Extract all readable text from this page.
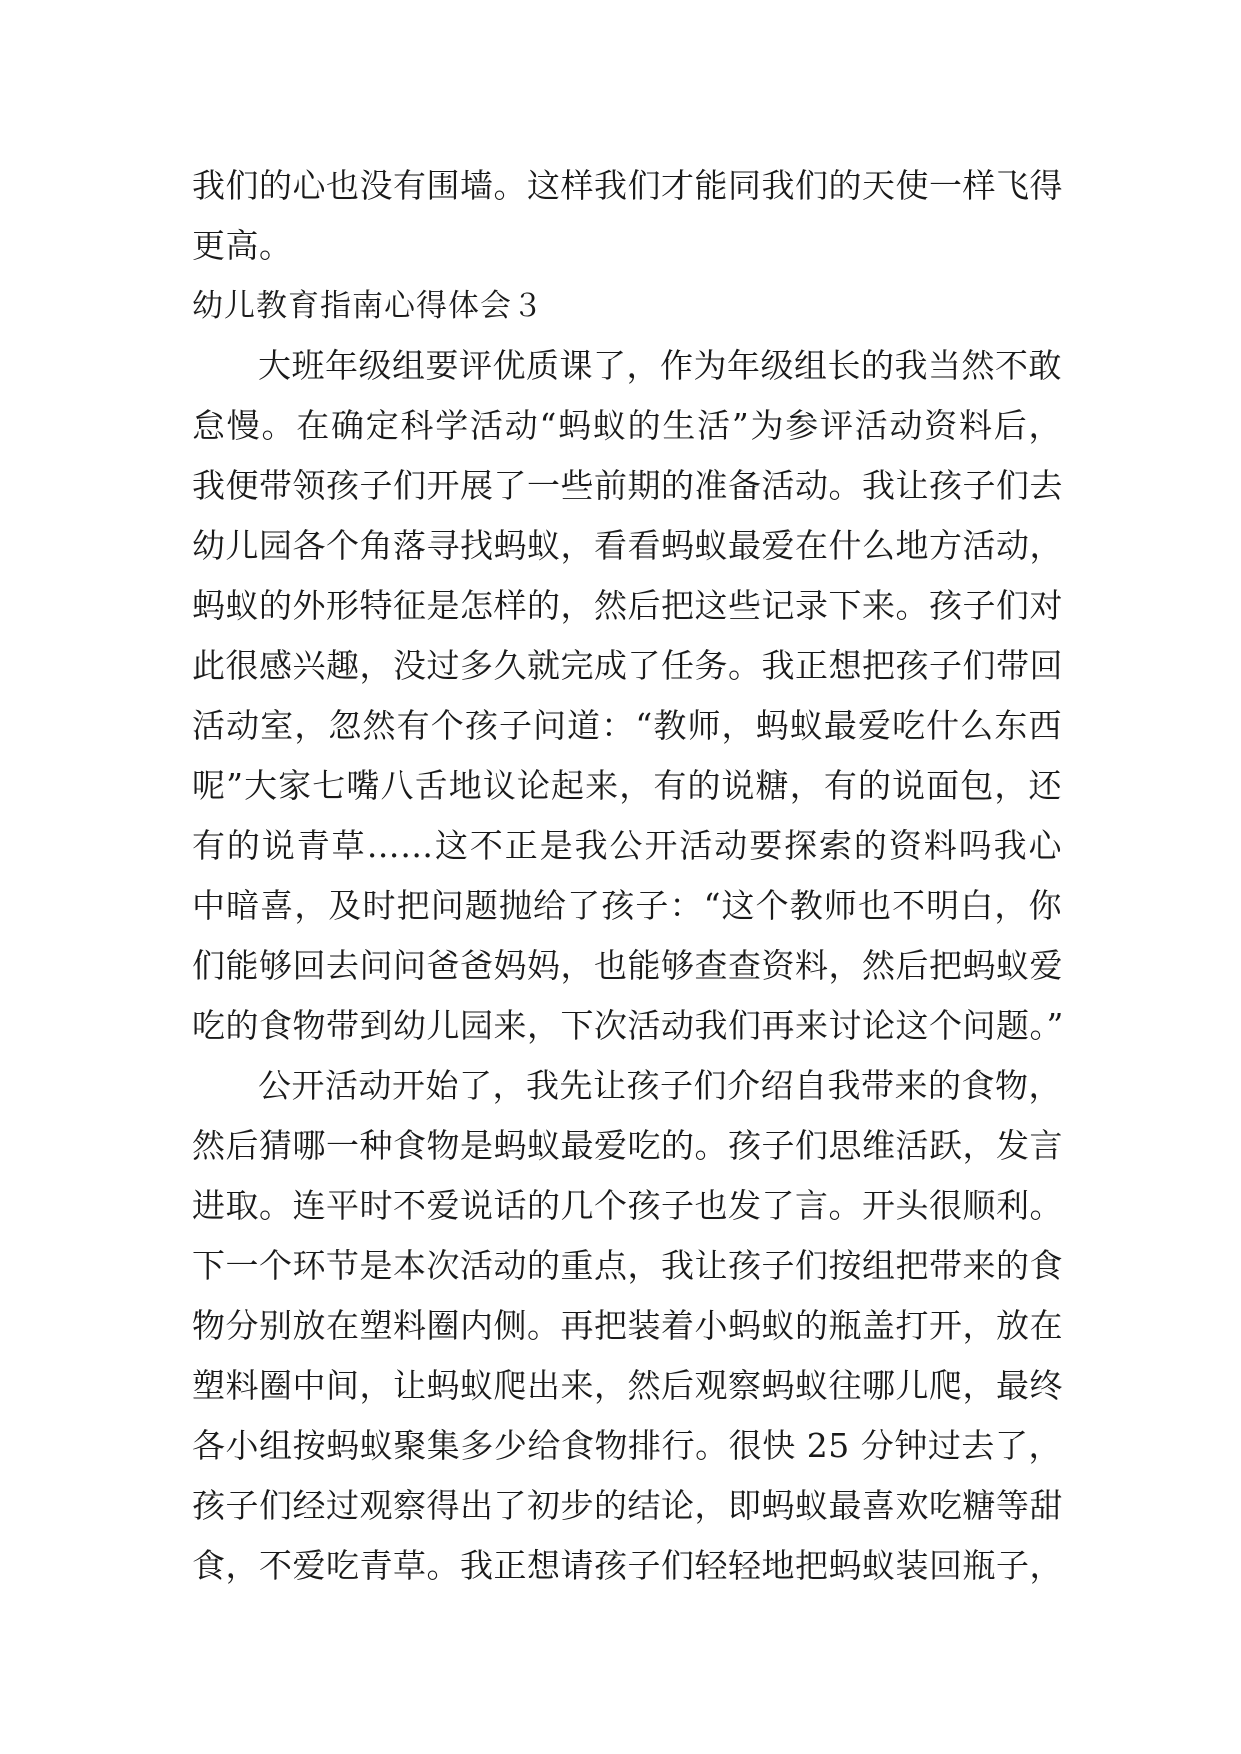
我们的心也没有围墙。这样我们才能同我们的天使一样飞得
更高。
幼儿教育指南心得体会３
大班年级组要评优质课了，作为年级组长的我当然不敢
怠慢。在确定科学活动“蚂蚁的生活”为参评活动资料后，
我便带领孩子们开展了一些前期的准备活动。我让孩子们去
幼儿园各个角落寻找蚂蚁，看看蚂蚁最爱在什么地方活动，
蚂蚁的外形特征是怎样的，然后把这些记录下来。孩子们对
此很感兴趣，没过多久就完成了任务。我正想把孩子们带回
活动室，忽然有个孩子问道：“教师，蚂蚁最爱吃什么东西
呢”大家七嘴八舌地议论起来，有的说糖，有的说面包，还
有的说青草……这不正是我公开活动要探索的资料吗我心
中暗喜，及时把问题抛给了孩子：“这个教师也不明白，你
们能够回去问问爸爸妈妈，也能够查查资料，然后把蚂蚁爱
吃的食物带到幼儿园来，下次活动我们再来讨论这个问题。”
公开活动开始了，我先让孩子们介绍自我带来的食物，
然后猜哪一种食物是蚂蚁最爱吃的。孩子们思维活跃，发言
进取。连平时不爱说话的几个孩子也发了言。开头很顺利。
下一个环节是本次活动的重点，我让孩子们按组把带来的食
物分别放在塑料圈内侧。再把装着小蚂蚁的瓶盖打开，放在
塑料圈中间，让蚂蚁爬出来，然后观察蚂蚁往哪儿爬，最终
各小组按蚂蚁聚集多少给食物排行。很快 25 分钟过去了，
孩子们经过观察得出了初步的结论，即蚂蚁最喜欢吃糖等甜
食，不爱吃青草。我正想请孩子们轻轻地把蚂蚁装回瓶子，
